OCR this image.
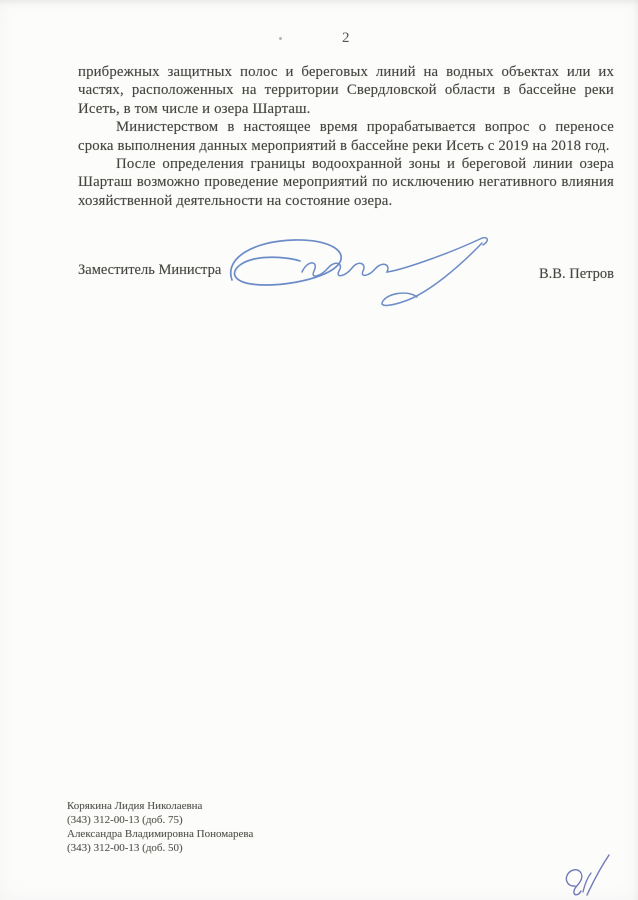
2

прибрежных защитных полос и береговых линий на водных объектах или их частях, расположенных на территории Свердловской области в бассейне реки Исеть, в том числе и озера Шарташ.

Министерством в настоящее время прорабатывается вопрос о переносе срока выполнения данных мероприятий в бассейне реки Исеть с 2019 на 2018 год.

После определения границы водоохранной зоны и береговой линии озера Шарташ возможно проведение мероприятий по исключению негативного влияния хозяйственной деятельности на состояние озера.

Заместитель Министра	В.В. Петров
Корякина Лидия Николаевна
(343) 312-00-13 (доб. 75)
Александра Владимировна Пономарева
(343) 312-00-13 (доб. 50)
